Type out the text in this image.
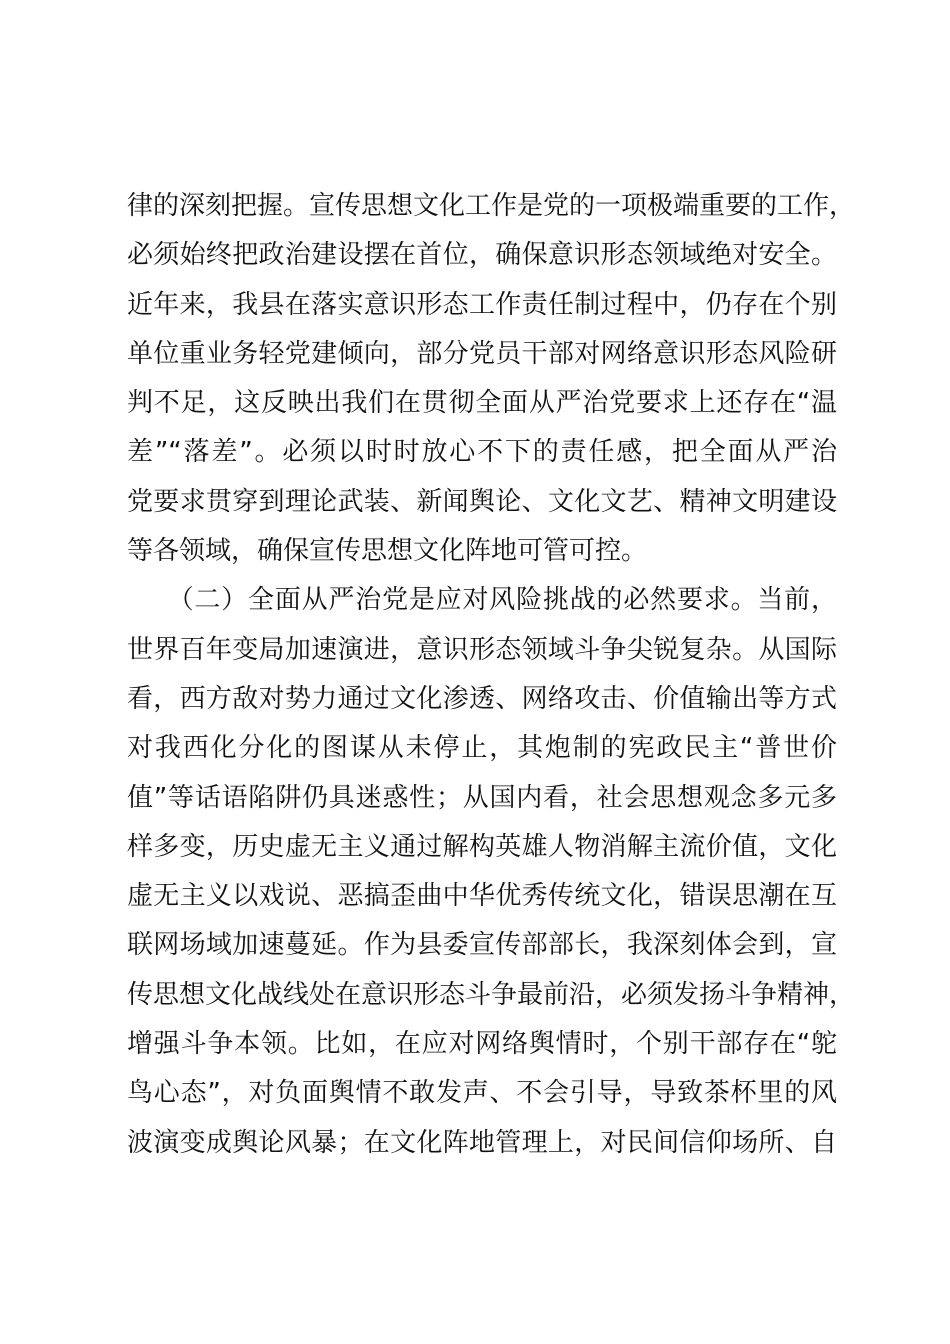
律的深刻把握。宣传思想文化工作是党的一项极端重要的工作，
必须始终把政治建设摆在首位，确保意识形态领域绝对安全。
近年来，我县在落实意识形态工作责任制过程中，仍存在个别
单位重业务轻党建倾向，部分党员干部对网络意识形态风险研
判不足，这反映出我们在贯彻全面从严治党要求上还存在“温
差”“落差”。必须以时时放心不下的责任感，把全面从严治
党要求贯穿到理论武装、新闻舆论、文化文艺、精神文明建设
等各领域，确保宣传思想文化阵地可管可控。
　　（二）全面从严治党是应对风险挑战的必然要求。当前，
世界百年变局加速演进，意识形态领域斗争尖锐复杂。从国际
看，西方敌对势力通过文化渗透、网络攻击、价值输出等方式
对我西化分化的图谋从未停止，其炮制的宪政民主“普世价
值”等话语陷阱仍具迷惑性；从国内看，社会思想观念多元多
样多变，历史虚无主义通过解构英雄人物消解主流价值，文化
虚无主义以戏说、恶搞歪曲中华优秀传统文化，错误思潮在互
联网场域加速蔓延。作为县委宣传部部长，我深刻体会到，宣
传思想文化战线处在意识形态斗争最前沿，必须发扬斗争精神，
增强斗争本领。比如，在应对网络舆情时，个别干部存在“鸵
鸟心态”，对负面舆情不敢发声、不会引导，导致茶杯里的风
波演变成舆论风暴；在文化阵地管理上，对民间信仰场所、自
